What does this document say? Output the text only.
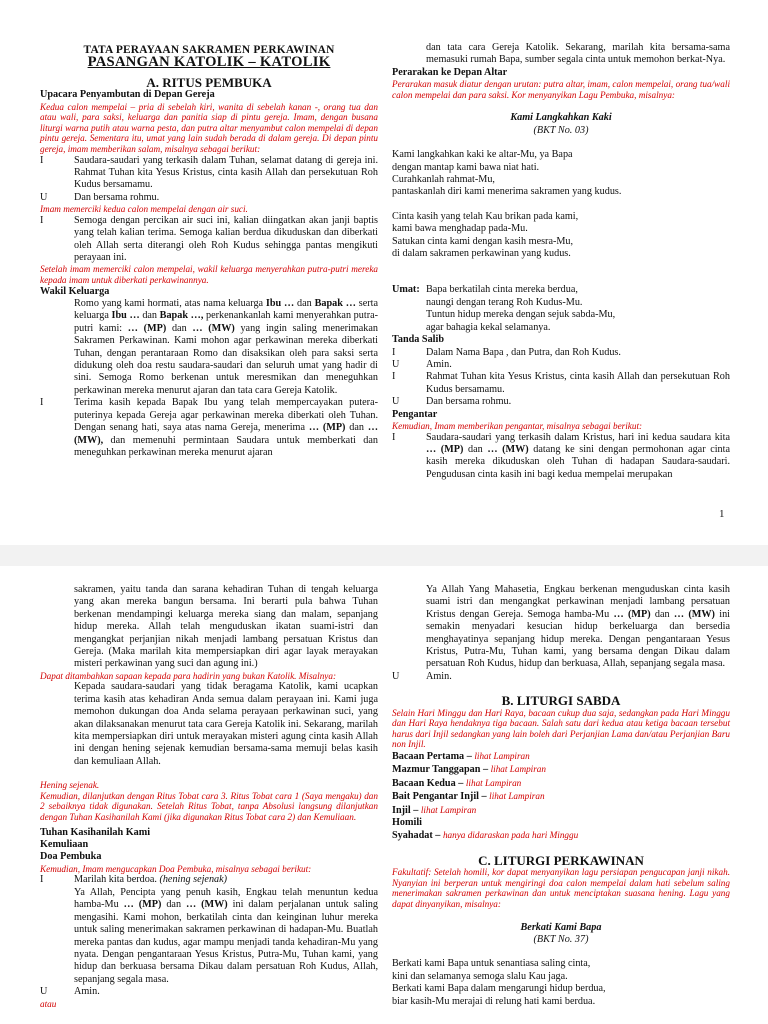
TATA PERAYAAN SAKRAMEN PERKAWINAN

PASANGAN KATOLIK – KATOLIK

A. RITUS PEMBUKA

Upacara Penyambutan di Depan Gereja

Kedua calon mempelai – pria di sebelah kiri, wanita di sebelah kanan -, orang tua dan atau wali, para saksi, keluarga dan panitia siap di pintu gereja. Imam, dengan busana liturgi warna putih atau warna pesta, dan putra altar menyambut calon mempelai di depan pintu gereja. Sementara itu, umat yang lain sudah berada di dalam gereja. Di depan pintu gereja, imam memberikan salam, misalnya sebagai berikut:

I	Saudara-saudari yang terkasih dalam Tuhan, selamat datang di gereja ini. Rahmat Tuhan kita Yesus Kristus, cinta kasih Allah dan persekutuan Roh Kudus bersamamu.
U	Dan bersama rohmu.

Imam memerciki kedua calon mempelai dengan air suci.

I	Semoga dengan percikan air suci ini, kalian diingatkan akan janji baptis yang telah kalian terima. Semoga kalian berdua dikuduskan dan diberkati oleh Allah serta diterangi oleh Roh Kudus sehingga pantas mengikuti perayaan ini.

Setelah imam memerciki calon mempelai, wakil keluarga menyerahkan putra-putri mereka kepada imam untuk diberkati perkawinannya.

Wakil Keluarga

Romo yang kami hormati, atas nama keluarga Ibu … dan Bapak … serta keluarga Ibu … dan Bapak …, perkenankanlah kami menyerahkan putra-putri kami: … (MP) dan … (MW) yang ingin saling menerimakan Sakramen Perkawinan. Kami mohon agar perkawinan mereka diberkati Tuhan, dengan perantaraan Romo dan disaksikan oleh para saksi serta didukung oleh doa restu saudara-saudari dan seluruh umat yang hadir di sini. Semoga Romo berkenan untuk meresmikan dan meneguhkan perkawinan mereka menurut ajaran dan tata cara Gereja Katolik.

I	Terima kasih kepada Bapak Ibu yang telah mempercayakan putera-puterinya kepada Gereja agar perkawinan mereka diberkati oleh Tuhan. Dengan senang hati, saya atas nama Gereja, menerima … (MP) dan … (MW), dan memenuhi permintaan Saudara untuk memberkati dan meneguhkan perkawinan mereka menurut ajaran

dan tata cara Gereja Katolik. Sekarang, marilah kita bersama-sama memasuki rumah Bapa, sumber segala cinta untuk memohon berkat-Nya.

Perarakan ke Depan Altar

Perarakan masuk diatur dengan urutan: putra altar, imam, calon mempelai, orang tua/wali calon mempelai dan para saksi. Kor menyanyikan Lagu Pembuka, misalnya:

Kami Langkahkan Kaki

(BKT No. 03)

Kami langkahkan kaki ke altar-Mu, ya Bapa

dengan mantap kami bawa niat hati.

Curahkanlah rahmat-Mu,

pantaskanlah diri kami menerima sakramen yang kudus.

Cinta kasih yang telah Kau brikan pada kami,

kami bawa menghadap pada-Mu.

Satukan cinta kami dengan kasih mesra-Mu,

di dalam sakramen perkawinan yang kudus.

Umat: Bapa berkatilah cinta mereka berdua,

naungi dengan terang Roh Kudus-Mu.

Tuntun hidup mereka dengan sejuk sabda-Mu,

agar bahagia kekal selamanya.

Tanda Salib

I	Dalam Nama Bapa , dan Putra, dan Roh Kudus.
U	Amin.
I	Rahmat Tuhan kita Yesus Kristus, cinta kasih Allah dan persekutuan Roh Kudus bersamamu.
U	Dan bersama rohmu.

Pengantar

Kemudian, Imam memberikan pengantar, misalnya sebagai berikut:

I	Saudara-saudari yang terkasih dalam Kristus, hari ini kedua saudara kita … (MP) dan … (MW) datang ke sini dengan permohonan agar cinta kasih mereka dikuduskan oleh Tuhan di hadapan Saudara-saudari. Pengudusan cinta kasih ini bagi kedua mempelai merupakan
1

sakramen, yaitu tanda dan sarana kehadiran Tuhan di tengah keluarga yang akan mereka bangun bersama. Ini berarti pula bahwa Tuhan berkenan mendampingi keluarga mereka siang dan malam, sepanjang hidup mereka. Allah telah menguduskan ikatan suami-istri dan mengangkat perjanjian nikah menjadi lambang persatuan Kristus dan Gereja. (Maka marilah kita mempersiapkan diri agar layak merayakan misteri perkawinan yang suci dan agung ini.)

Dapat ditambahkan sapaan kepada para hadirin yang bukan Katolik. Misalnya:

Kepada saudara-saudari yang tidak beragama Katolik, kami ucapkan terima kasih atas kehadiran Anda semua dalam perayaan ini. Kami juga memohon dukungan doa Anda selama perayaan perkawinan suci, yang akan dilaksanakan menurut tata cara Gereja Katolik ini. Sekarang, marilah kita mempersiapkan diri untuk merayakan misteri agung cinta kasih Allah ini dengan hening sejenak kemudian bersama-sama memuji belas kasih dan kemuliaan Allah.

Hening sejenak.

Kemudian, dilanjutkan dengan Ritus Tobat cara 3. Ritus Tobat cara 1 (Saya mengaku) dan 2 sebaiknya tidak digunakan. Setelah Ritus Tobat, tanpa Absolusi langsung dilanjutkan dengan Tuhan Kasihanilah Kami (jika digunakan Ritus Tobat cara 2) dan Kemuliaan.

Tuhan Kasihanilah Kami

Kemuliaan

Doa Pembuka

Kemudian, Imam mengucapkan Doa Pembuka, misalnya sebagai berikut:

I	Marilah kita berdoa. (hening sejenak)

Ya Allah, Pencipta yang penuh kasih, Engkau telah menuntun kedua hamba-Mu … (MP) dan … (MW) ini dalam perjalanan untuk saling mengasihi. Kami mohon, berkatilah cinta dan keinginan luhur mereka untuk saling menerimakan sakramen perkawinan di hadapan-Mu. Buatlah mereka pantas dan kudus, agar mampu menjadi tanda kehadiran-Mu yang nyata. Dengan pengantaraan Yesus Kristus, Putra-Mu, Tuhan kami, yang hidup dan berkuasa bersama Dikau dalam persatuan Roh Kudus, Allah, sepanjang segala masa.

U	Amin.

atau

Ya Allah Yang Mahasetia, Engkau berkenan menguduskan cinta kasih suami istri dan mengangkat perkawinan menjadi lambang persatuan Kristus dengan Gereja. Semoga hamba-Mu … (MP) dan … (MW) ini semakin menyadari kesucian hidup berkeluarga dan bersedia menghayatinya sepanjang hidup mereka. Dengan pengantaraan Yesus Kristus, Putra-Mu, Tuhan kami, yang bersama dengan Dikau dalam persatuan Roh Kudus, hidup dan berkuasa, Allah, sepanjang segala masa.

U	Amin.

B. LITURGI SABDA

Selain Hari Minggu dan Hari Raya, bacaan cukup dua saja, sedangkan pada Hari Minggu dan Hari Raya hendaknya tiga bacaan. Salah satu dari kedua atau ketiga bacaan tersebut harus dari Injil sedangkan yang lain boleh dari Perjanjian Lama dan/atau Perjanjian Baru non Injil.

Bacaan Pertama – lihat Lampiran

Mazmur Tanggapan – lihat Lampiran

Bacaan Kedua – lihat Lampiran

Bait Pengantar Injil – lihat Lampiran

Injil – lihat Lampiran

Homili

Syahadat – hanya didaraskan pada hari Minggu

C. LITURGI PERKAWINAN

Fakultatif: Setelah homili, kor dapat menyanyikan lagu persiapan pengucapan janji nikah. Nyanyian ini berperan untuk mengiringi doa calon mempelai dalam hati sebelum saling menerimakan sakramen perkawinan dan untuk menciptakan suasana hening. Lagu yang dapat dinyanyikan, misalnya:

Berkati Kami Bapa

(BKT No. 37)

Berkati kami Bapa untuk senantiasa saling cinta,

kini dan selamanya semoga slalu Kau jaga.

Berkati kami Bapa dalam mengarungi hidup berdua,

biar kasih-Mu merajai di relung hati kami berdua.
